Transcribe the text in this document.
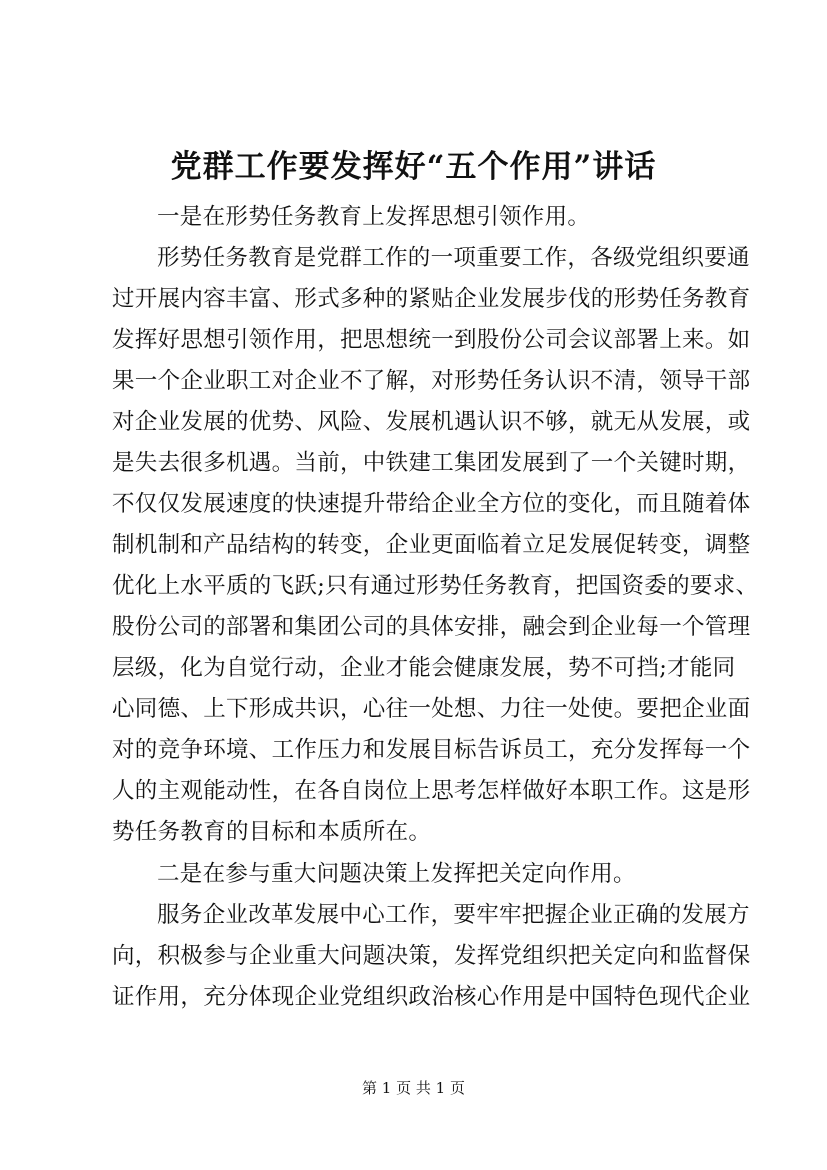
党群工作要发挥好“五个作用”讲话
一是在形势任务教育上发挥思想引领作用。
形势任务教育是党群工作的一项重要工作，各级党组织要通
过开展内容丰富、形式多种的紧贴企业发展步伐的形势任务教育
发挥好思想引领作用，把思想统一到股份公司会议部署上来。如
果一个企业职工对企业不了解，对形势任务认识不清，领导干部
对企业发展的优势、风险、发展机遇认识不够，就无从发展，或
是失去很多机遇。当前，中铁建工集团发展到了一个关键时期，
不仅仅发展速度的快速提升带给企业全方位的变化，而且随着体
制机制和产品结构的转变，企业更面临着立足发展促转变，调整
优化上水平质的飞跃;只有通过形势任务教育，把国资委的要求、
股份公司的部署和集团公司的具体安排，融会到企业每一个管理
层级，化为自觉行动，企业才能会健康发展，势不可挡;才能同
心同德、上下形成共识，心往一处想、力往一处使。要把企业面
对的竞争环境、工作压力和发展目标告诉员工，充分发挥每一个
人的主观能动性，在各自岗位上思考怎样做好本职工作。这是形
势任务教育的目标和本质所在。
二是在参与重大问题决策上发挥把关定向作用。
服务企业改革发展中心工作，要牢牢把握企业正确的发展方
向，积极参与企业重大问题决策，发挥党组织把关定向和监督保
证作用，充分体现企业党组织政治核心作用是中国特色现代企业
第 1 页 共 1 页
